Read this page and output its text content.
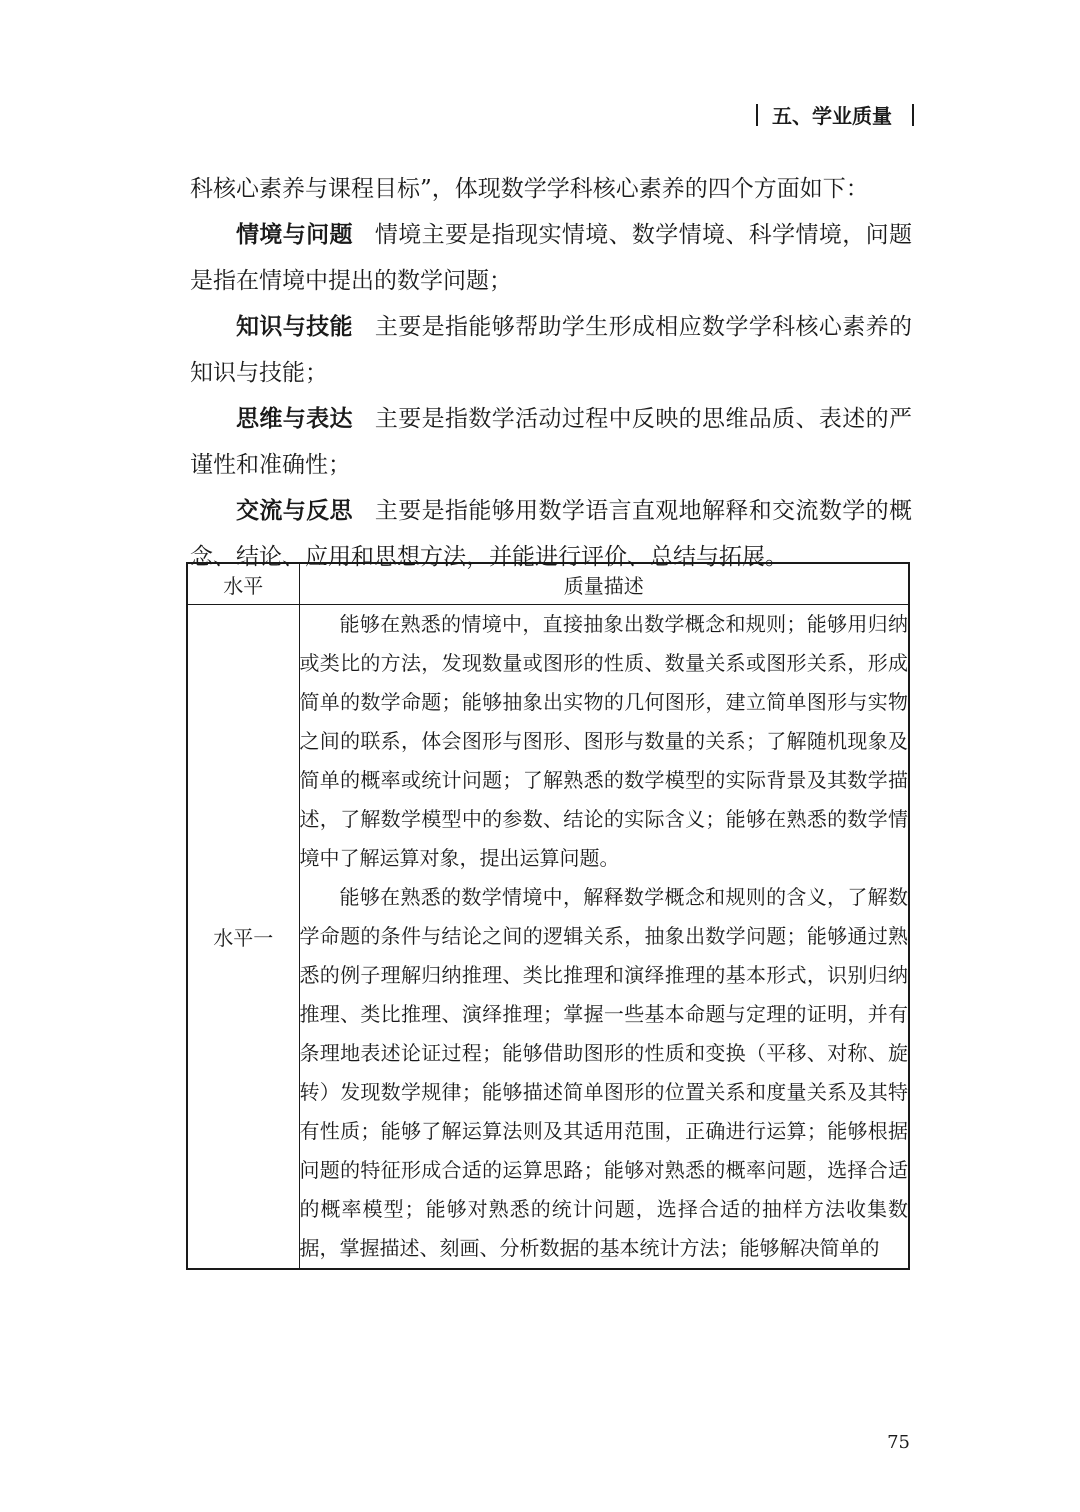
五、学业质量

科核心素养与课程目标”，体现数学学科核心素养的四个方面如下：

情境与问题 情境主要是指现实情境、数学情境、科学情境，问题是指在情境中提出的数学问题；

知识与技能 主要是指能够帮助学生形成相应数学学科核心素养的知识与技能；

思维与表达 主要是指数学活动过程中反映的思维品质、表述的严谨性和准确性；

交流与反思 主要是指能够用数学语言直观地解释和交流数学的概念、结论、应用和思想方法，并能进行评价、总结与拓展。

水平	质量描述
水平一	能够在熟悉的情境中，直接抽象出数学概念和规则；能够用归纳或类比的方法，发现数量或图形的性质、数量关系或图形关系，形成简单的数学命题；能够抽象出实物的几何图形，建立简单图形与实物之间的联系，体会图形与图形、图形与数量的关系；了解随机现象及简单的概率或统计问题；了解熟悉的数学模型的实际背景及其数学描述，了解数学模型中的参数、结论的实际含义；能够在熟悉的数学情境中了解运算对象，提出运算问题。

能够在熟悉的数学情境中，解释数学概念和规则的含义，了解数学命题的条件与结论之间的逻辑关系，抽象出数学问题；能够通过熟悉的例子理解归纳推理、类比推理和演绎推理的基本形式，识别归纳推理、类比推理、演绎推理；掌握一些基本命题与定理的证明，并有条理地表述论证过程；能够借助图形的性质和变换（平移、对称、旋转）发现数学规律；能够描述简单图形的位置关系和度量关系及其特有性质；能够了解运算法则及其适用范围，正确进行运算；能够根据问题的特征形成合适的运算思路；能够对熟悉的概率问题，选择合适的概率模型；能够对熟悉的统计问题，选择合适的抽样方法收集数据，掌握描述、刻画、分析数据的基本统计方法；能够解决简单的

75
